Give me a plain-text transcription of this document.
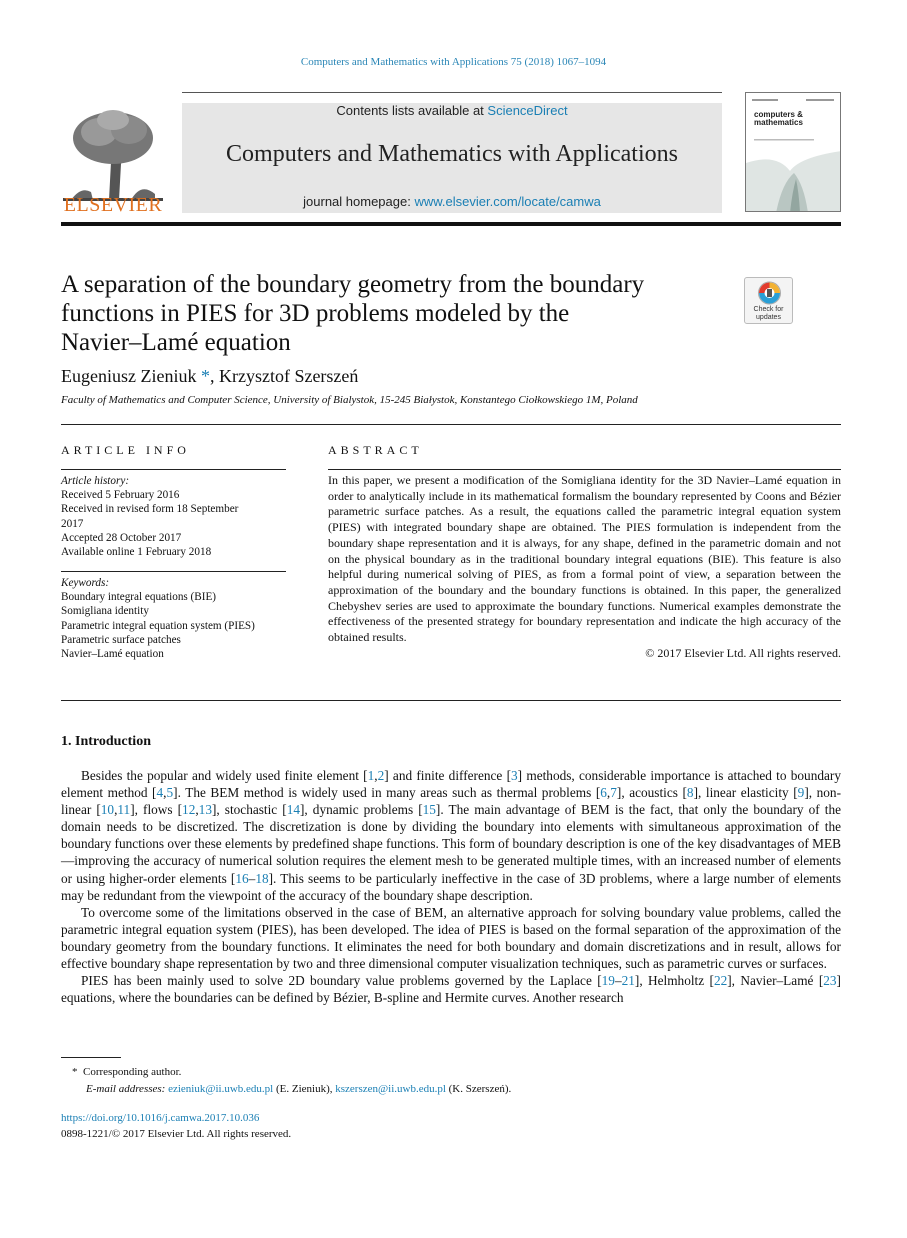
Computers and Mathematics with Applications 75 (2018) 1067–1094
ELSEVIER
Contents lists available at ScienceDirect
Computers and Mathematics with Applications
journal homepage: www.elsevier.com/locate/camwa
computers &
mathematics
A separation of the boundary geometry from the boundary
functions in PIES for 3D problems modeled by the
Navier–Lamé equation
Check for
updates
Eugeniusz Zieniuk *, Krzysztof Szerszeń
Faculty of Mathematics and Computer Science, University of Bialystok, 15-245 Białystok, Konstantego Ciołkowskiego 1M, Poland
ARTICLE INFO	ABSTRACT
Article history:
Received 5 February 2016
Received in revised form 18 September
2017
Accepted 28 October 2017
Available online 1 February 2018
Keywords:
Boundary integral equations (BIE)
Somigliana identity
Parametric integral equation system (PIES)
Parametric surface patches
Navier–Lamé equation
In this paper, we present a modification of the Somigliana identity for the 3D Navier–Lamé equation in order to analytically include in its mathematical formalism the boundary represented by Coons and Bézier parametric surface patches. As a result, the equations called the parametric integral equation system (PIES) with integrated boundary shape are obtained. The PIES formulation is independent from the boundary shape representation and it is always, for any shape, defined in the parametric domain and not on the physical boundary as in the traditional boundary integral equations (BIE). This feature is also helpful during numerical solving of PIES, as from a formal point of view, a separation between the approximation of the boundary and the boundary functions is obtained. In this paper, the generalized Chebyshev series are used to approximate the boundary functions. Numerical examples demonstrate the effectiveness of the presented strategy for boundary representation and indicate the high accuracy of the obtained results.
© 2017 Elsevier Ltd. All rights reserved.
1. Introduction

Besides the popular and widely used finite element [1,2] and finite difference [3] methods, considerable importance is attached to boundary element method [4,5]. The BEM method is widely used in many areas such as thermal problems [6,7], acoustics [8], linear elasticity [9], non-linear [10,11], flows [12,13], stochastic [14], dynamic problems [15]. The main advantage of BEM is the fact, that only the boundary of the domain needs to be discretized. The discretization is done by dividing the boundary into elements with simultaneous approximation of the boundary functions over these elements by predefined shape functions. This form of boundary description is one of the key disadvantages of MEB—improving the accuracy of numerical solution requires the element mesh to be generated multiple times, with an increased number of elements or using higher-order elements [16–18]. This seems to be particularly ineffective in the case of 3D problems, where a large number of elements may be redundant from the viewpoint of the accuracy of the boundary shape description.

To overcome some of the limitations observed in the case of BEM, an alternative approach for solving boundary value problems, called the parametric integral equation system (PIES), has been developed. The idea of PIES is based on the formal separation of the approximation of the boundary geometry from the boundary functions. It eliminates the need for both boundary and domain discretizations and in result, allows for effective boundary shape representation by two and three dimensional computer visualization techniques, such as parametric curves or surfaces.

PIES has been mainly used to solve 2D boundary value problems governed by the Laplace [19–21], Helmholtz [22], Navier–Lamé [23] equations, where the boundaries can be defined by Bézier, B-spline and Hermite curves. Another research

* Corresponding author.
E-mail addresses: ezieniuk@ii.uwb.edu.pl (E. Zieniuk), kszerszen@ii.uwb.edu.pl (K. Szerszeń).
https://doi.org/10.1016/j.camwa.2017.10.036
0898-1221/© 2017 Elsevier Ltd. All rights reserved.
